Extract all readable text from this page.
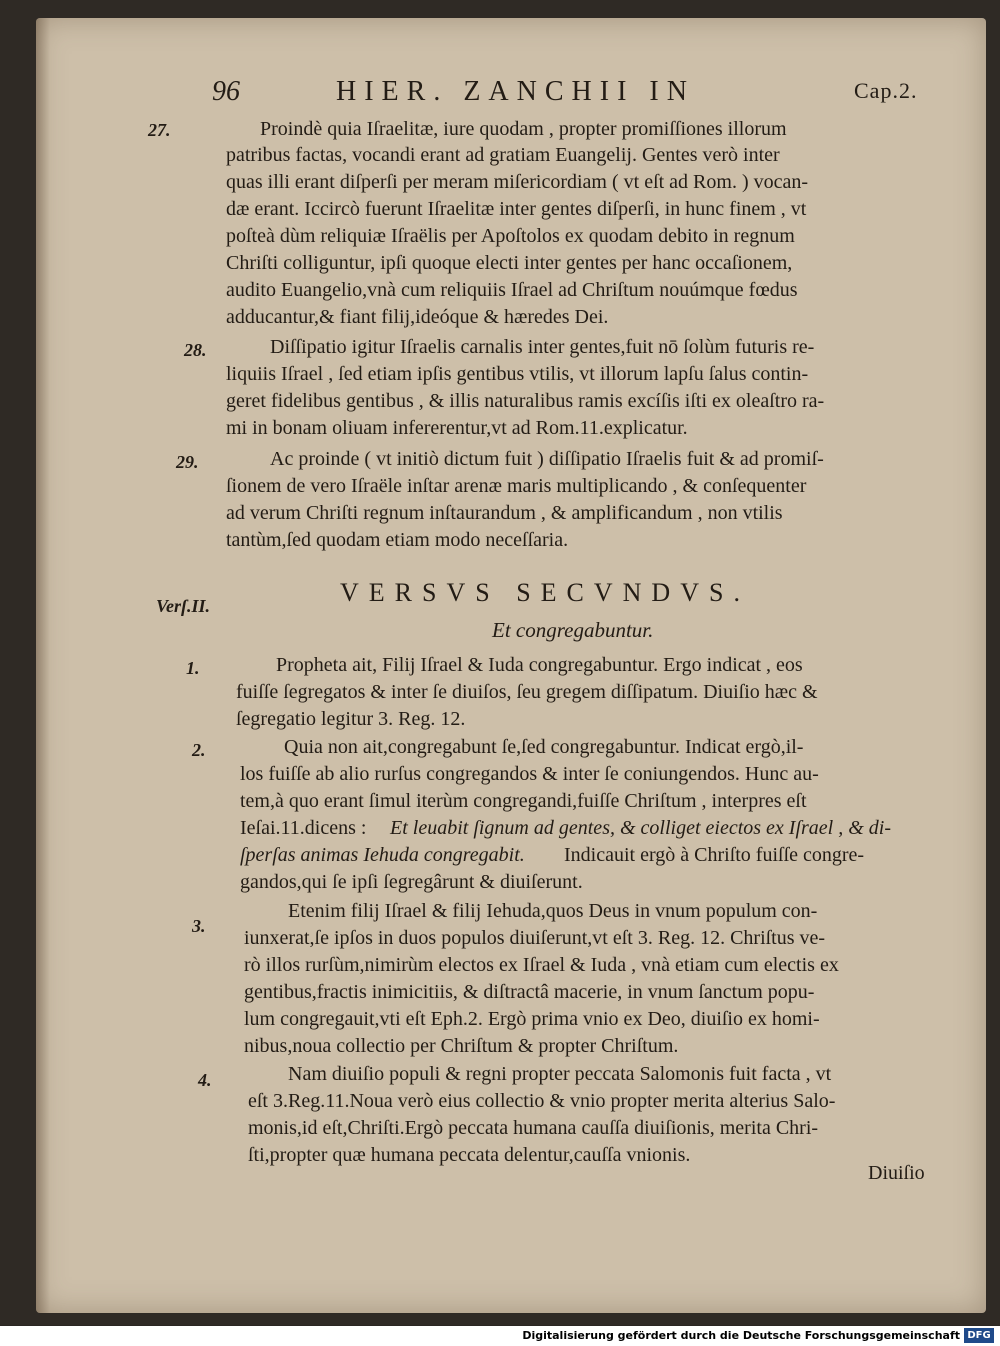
96	HIER. ZANCHII IN	Cap.2.
27.
28.
29.
Proindè quia Iſraelitæ, iure quodam , propter promiſſiones illorum
patribus factas, vocandi erant ad gratiam Euangelij. Gentes verò inter
quas illi erant diſperſi per meram miſericordiam ( vt eſt ad Rom. ) vocan-
dæ erant. Iccircò fuerunt Iſraelitæ inter gentes diſperſi, in hunc finem , vt
poſteà dùm reliquiæ Iſraëlis per Apoſtolos ex quodam debito in regnum
Chriſti colliguntur, ipſi quoque electi inter gentes per hanc occaſionem,
audito Euangelio,vnà cum reliquiis Iſrael ad Chriſtum nouúmque fœdus
adducantur,& fiant filij,ideóque & hæredes Dei.
Diſſipatio igitur Iſraelis carnalis inter gentes,fuit nō ſolùm futuris re-
liquiis Iſrael , ſed etiam ipſis gentibus vtilis, vt illorum lapſu ſalus contin-
geret fidelibus gentibus , & illis naturalibus ramis excíſis iſti ex oleaſtro ra-
mi in bonam oliuam infererentur,vt ad Rom.11.explicatur.
Ac proinde ( vt initiò dictum fuit ) diſſipatio Iſraelis fuit & ad promiſ-
ſionem de vero Iſraële inſtar arenæ maris multiplicando , & conſequenter
ad verum Chriſti regnum inſtaurandum , & amplificandum , non vtilis
tantùm,ſed quodam etiam modo neceſſaria.
Verſ.II.	VERSVS SECVNDVS.
Et congregabuntur.
1.
2.
3.
4.
Propheta ait, Filij Iſrael & Iuda congregabuntur. Ergo indicat , eos
fuiſſe ſegregatos & inter ſe diuiſos, ſeu gregem diſſipatum. Diuiſio hæc &
ſegregatio legitur 3. Reg. 12.
Quia non ait,congregabunt ſe,ſed congregabuntur. Indicat ergò,il-
los fuiſſe ab alio rurſus congregandos & inter ſe coniungendos. Hunc au-
tem,à quo erant ſimul iterùm congregandi,fuiſſe Chriſtum , interpres eſt
Ieſai.11.dicens : Et leuabit ſignum ad gentes, & colliget eiectos ex Iſrael , & di-
ſperſas animas Iehuda congregabit. Indicauit ergò à Chriſto fuiſſe congre-
gandos,qui ſe ipſi ſegregârunt & diuiſerunt.
Etenim filij Iſrael & filij Iehuda,quos Deus in vnum populum con-
iunxerat,ſe ipſos in duos populos diuiſerunt,vt eſt 3. Reg. 12. Chriſtus ve-
rò illos rurſùm,nimirùm electos ex Iſrael & Iuda , vnà etiam cum electis ex
gentibus,fractis inimicitiis, & diſtractâ macerie, in vnum ſanctum popu-
lum congregauit,vti eſt Eph.2. Ergò prima vnio ex Deo, diuiſio ex homi-
nibus,noua collectio per Chriſtum & propter Chriſtum.
Nam diuiſio populi & regni propter peccata Salomonis fuit facta , vt
eſt 3.Reg.11.Noua verò eius collectio & vnio propter merita alterius Salo-
monis,id eſt,Chriſti.Ergò peccata humana cauſſa diuiſionis, merita Chri-
ſti,propter quæ humana peccata delentur,cauſſa vnionis.
Diuiſio
Digitalisierung gefördert durch die Deutsche Forschungsgemeinschaft DFG
